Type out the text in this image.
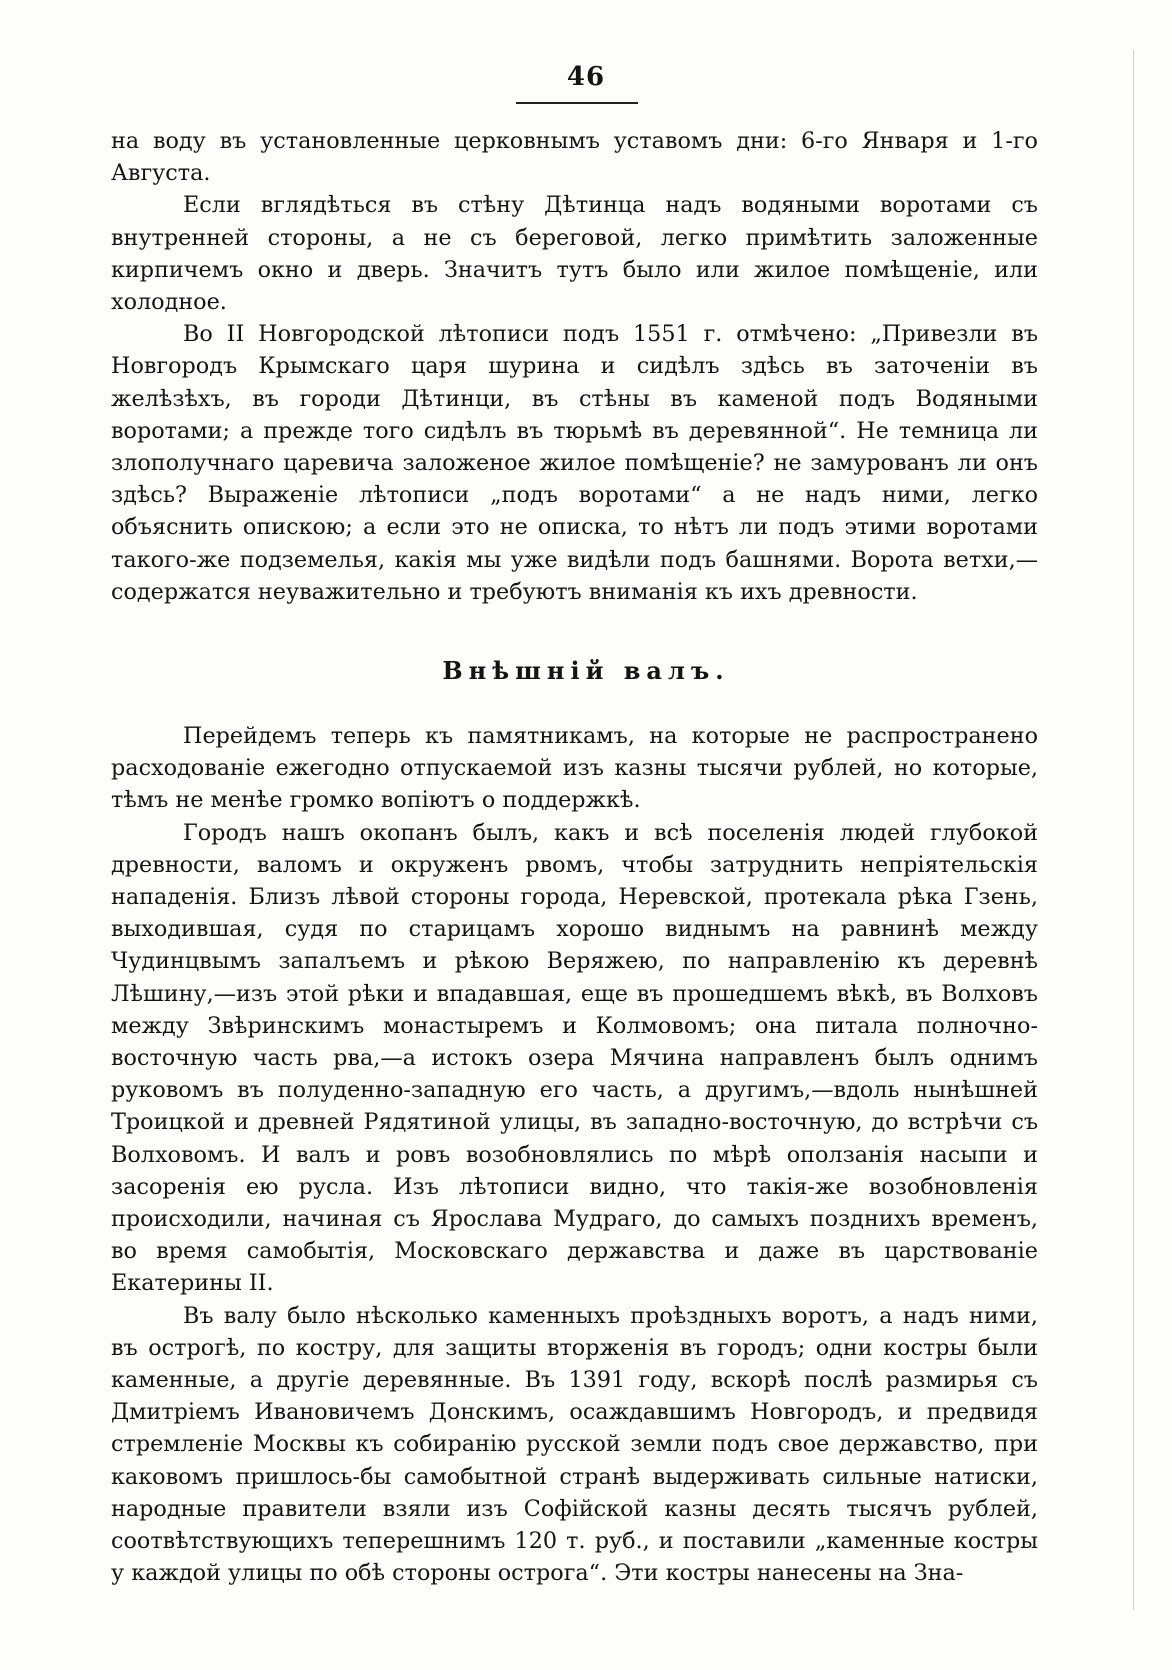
46

на воду въ установленные церковнымъ уставомъ дни: 6-го Января и 1-го Августа.

Если вглядѣться въ стѣну Дѣтинца надъ водяными воротами съ внутренней стороны, а не съ береговой, легко примѣтить заложенные кирпичемъ окно и дверь. Значитъ тутъ было или жилое помѣщеніе, или холодное.

Во II Новгородской лѣтописи подъ 1551 г. отмѣчено: „Привезли въ Новгородъ Крымскаго царя шурина и сидѣлъ здѣсь въ заточеніи въ желѣзѣхъ, въ городи Дѣтинци, въ стѣны въ каменой подъ Водяными воротами; а прежде того сидѣлъ въ тюрьмѣ въ деревянной“. Не темница ли злополучнаго царевича заложеное жилое помѣщеніе? не замурованъ ли онъ здѣсь? Выраженіе лѣтописи „подъ воротами“ а не надъ ними, легко объяснить опискою; а если это не описка, то нѣтъ ли подъ этими воротами такого-же подземелья, какія мы уже видѣли подъ башнями. Ворота ветхи,—содержатся неуважительно и требуютъ вниманія къ ихъ древности.

Внѣшній валъ.

Перейдемъ теперь къ памятникамъ, на которые не распространено расходованіе ежегодно отпускаемой изъ казны тысячи рублей, но которые, тѣмъ не менѣе громко вопіютъ о поддержкѣ.

Городъ нашъ окопанъ былъ, какъ и всѣ поселенія людей глубокой древности, валомъ и окруженъ рвомъ, чтобы затруднить непріятельскія нападенія. Близъ лѣвой стороны города, Неревской, протекала рѣка Гзень, выходившая, судя по старицамъ хорошо виднымъ на равнинѣ между Чудинцвымъ запалъемъ и рѣкою Веряжею, по направленію къ деревнѣ Лѣшину,—изъ этой рѣки и впадавшая, еще въ прошедшемъ вѣкѣ, въ Волховъ между Звѣринскимъ монастыремъ и Колмовомъ; она питала полночно-восточную часть рва,—а истокъ озера Мячина направленъ былъ однимъ руковомъ въ полуденно-западную его часть, а другимъ,—вдоль нынѣшней Троицкой и древней Рядятиной улицы, въ западно-восточную, до встрѣчи съ Волховомъ. И валъ и ровъ возобновлялись по мѣрѣ оползанія насыпи и засоренія ею русла. Изъ лѣтописи видно, что такія-же возобновленія происходили, начиная съ Ярослава Мудраго, до самыхъ позднихъ временъ, во время самобытія, Московскаго державства и даже въ царствованіе Екатерины II.

Въ валу было нѣсколько каменныхъ проѣздныхъ воротъ, а надъ ними, въ острогѣ, по костру, для защиты вторженія въ городъ; одни костры были каменные, а другіе деревянные. Въ 1391 году, вскорѣ послѣ размирья съ Дмитріемъ Ивановичемъ Донскимъ, осаждавшимъ Новгородъ, и предвидя стремленіе Москвы къ собиранію русской земли подъ свое державство, при каковомъ пришлось-бы самобытной странѣ выдерживать сильные натиски, народные правители взяли изъ Софійской казны десять тысячъ рублей, соотвѣтствующихъ теперешнимъ 120 т. руб., и поставили „каменные костры у каждой улицы по обѣ стороны острога“. Эти костры нанесены на Зна-
